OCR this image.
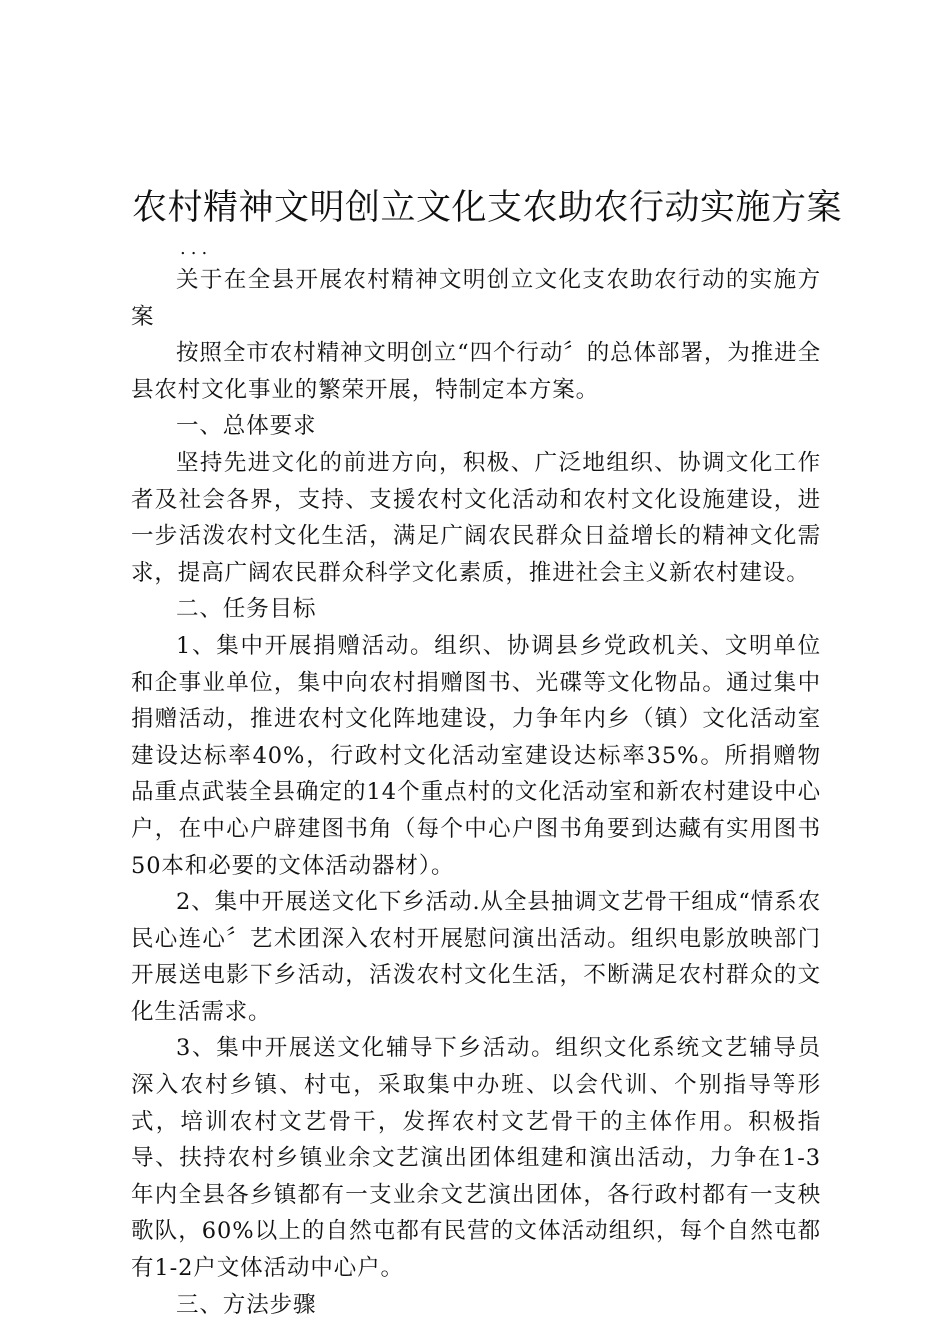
农村精神文明创立文化支农助农行动实施方案
...

关于在全县开展农村精神文明创立文化支农助农行动的实施方案

按照全市农村精神文明创立“四个行动〞的总体部署，为推进全县农村文化事业的繁荣开展，特制定本方案。

一、总体要求

坚持先进文化的前进方向，积极、广泛地组织、协调文化工作者及社会各界，支持、支援农村文化活动和农村文化设施建设，进一步活泼农村文化生活，满足广阔农民群众日益增长的精神文化需求，提高广阔农民群众科学文化素质，推进社会主义新农村建设。

二、任务目标

1、集中开展捐赠活动。组织、协调县乡党政机关、文明单位和企事业单位，集中向农村捐赠图书、光碟等文化物品。通过集中捐赠活动，推进农村文化阵地建设，力争年内乡（镇）文化活动室建设达标率40%，行政村文化活动室建设达标率35%。所捐赠物品重点武装全县确定的14个重点村的文化活动室和新农村建设中心户，在中心户辟建图书角（每个中心户图书角要到达藏有实用图书50本和必要的文体活动器材）。

2、集中开展送文化下乡活动.从全县抽调文艺骨干组成“情系农民心连心〞艺术团深入农村开展慰问演出活动。组织电影放映部门开展送电影下乡活动，活泼农村文化生活，不断满足农村群众的文化生活需求。

3、集中开展送文化辅导下乡活动。组织文化系统文艺辅导员深入农村乡镇、村屯，采取集中办班、以会代训、个别指导等形式，培训农村文艺骨干，发挥农村文艺骨干的主体作用。积极指导、扶持农村乡镇业余文艺演出团体组建和演出活动，力争在1-3年内全县各乡镇都有一支业余文艺演出团体，各行政村都有一支秧歌队，60%以上的自然屯都有民营的文体活动组织，每个自然屯都有1-2户文体活动中心户。

三、方法步骤
